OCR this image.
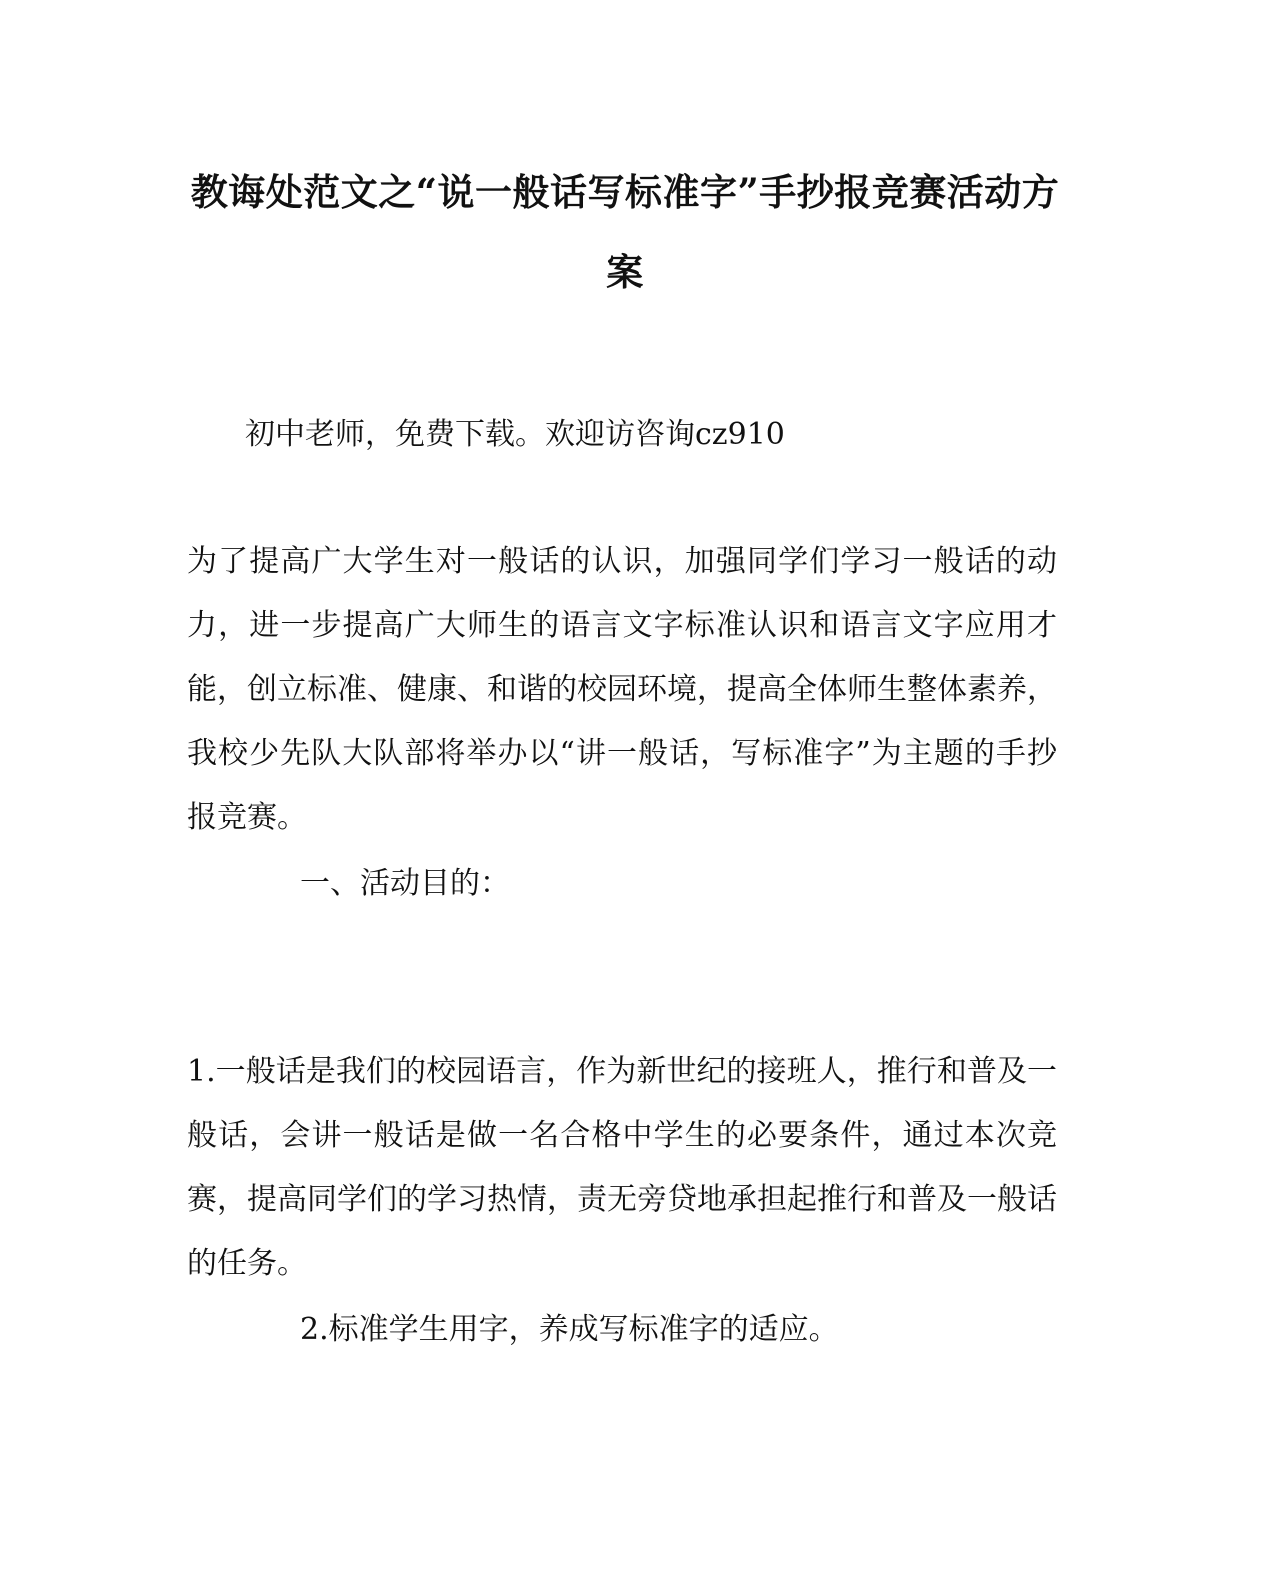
教诲处范文之“说一般话写标准字”手抄报竞赛活动方案

初中老师，免费下载。欢迎访咨询cz910

为了提高广大学生对一般话的认识，加强同学们学习一般话的动力，进一步提高广大师生的语言文字标准认识和语言文字应用才能，创立标准、健康、和谐的校园环境，提高全体师生整体素养，我校少先队大队部将举办以“讲一般话，写标准字”为主题的手抄报竞赛。

一、活动目的：

1.一般话是我们的校园语言，作为新世纪的接班人，推行和普及一般话，会讲一般话是做一名合格中学生的必要条件，通过本次竞赛，提高同学们的学习热情，责无旁贷地承担起推行和普及一般话的任务。

2.标准学生用字，养成写标准字的适应。
